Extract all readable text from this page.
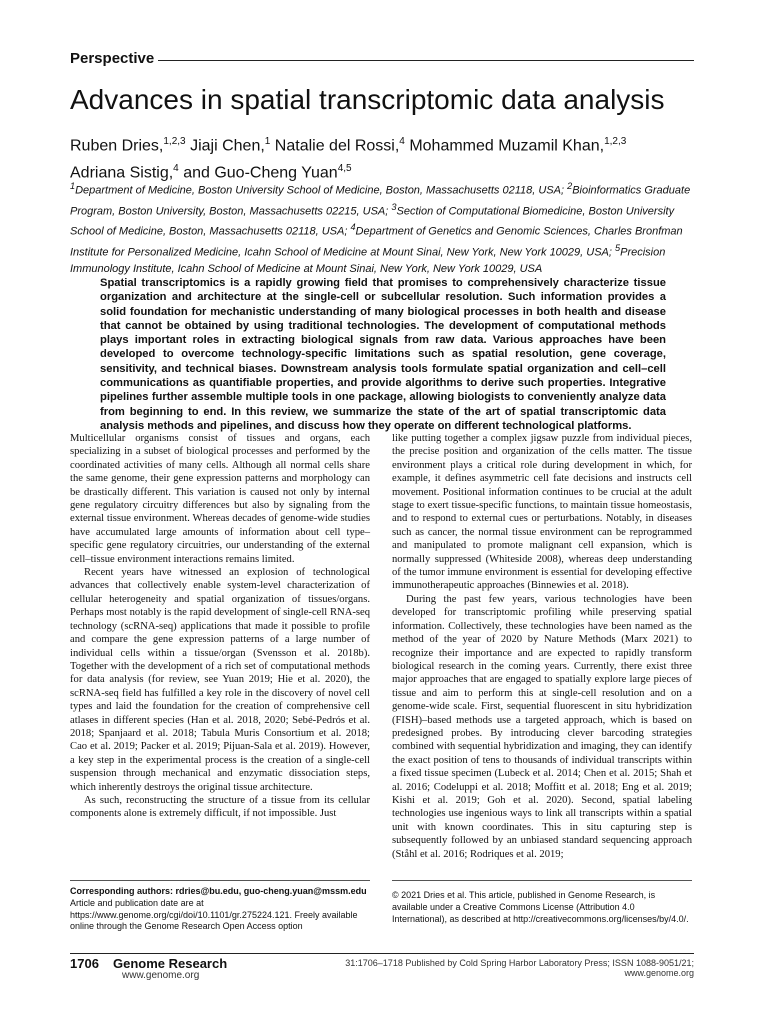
Perspective
Advances in spatial transcriptomic data analysis
Ruben Dries,$^{1,2,3}$ Jiaji Chen,$^1$ Natalie del Rossi,$^4$ Mohammed Muzamil Khan,$^{1,2,3}$
Adriana Sistig,$^4$ and Guo-Cheng Yuan$^{4,5}$
$^1$Department of Medicine, Boston University School of Medicine, Boston, Massachusetts 02118, USA; $^2$Bioinformatics Graduate Program, Boston University, Boston, Massachusetts 02215, USA; $^3$Section of Computational Biomedicine, Boston University School of Medicine, Boston, Massachusetts 02118, USA; $^4$Department of Genetics and Genomic Sciences, Charles Bronfman Institute for Personalized Medicine, Icahn School of Medicine at Mount Sinai, New York, New York 10029, USA; $^5$Precision Immunology Institute, Icahn School of Medicine at Mount Sinai, New York, New York 10029, USA
Spatial transcriptomics is a rapidly growing field that promises to comprehensively characterize tissue organization and architecture at the single-cell or subcellular resolution. Such information provides a solid foundation for mechanistic understanding of many biological processes in both health and disease that cannot be obtained by using traditional technologies. The development of computational methods plays important roles in extracting biological signals from raw data. Various approaches have been developed to overcome technology-specific limitations such as spatial resolution, gene coverage, sensitivity, and technical biases. Downstream analysis tools formulate spatial organization and cell–cell communications as quantifiable properties, and provide algorithms to derive such properties. Integrative pipelines further assemble multiple tools in one package, allowing biologists to conveniently analyze data from beginning to end. In this review, we summarize the state of the art of spatial transcriptomic data analysis methods and pipelines, and discuss how they operate on different technological platforms.

Multicellular organisms consist of tissues and organs, each specializing in a subset of biological processes and performed by the coordinated activities of many cells. Although all normal cells share the same genome, their gene expression patterns and morphology can be drastically different. This variation is caused not only by internal gene regulatory circuitry differences but also by signaling from the external tissue environment. Whereas decades of genome-wide studies have accumulated large amounts of information about cell type–specific gene regulatory circuitries, our understanding of the external cell–tissue environment interactions remains limited.

Recent years have witnessed an explosion of technological advances that collectively enable system-level characterization of cellular heterogeneity and spatial organization of tissues/organs. Perhaps most notably is the rapid development of single-cell RNA-seq technology (scRNA-seq) applications that made it possible to profile and compare the gene expression patterns of a large number of individual cells within a tissue/organ (Svensson et al. 2018b). Together with the development of a rich set of computational methods for data analysis (for review, see Yuan 2019; Hie et al. 2020), the scRNA-seq field has fulfilled a key role in the discovery of novel cell types and laid the foundation for the creation of comprehensive cell atlases in different species (Han et al. 2018, 2020; Sebé-Pedrós et al. 2018; Spanjaard et al. 2018; Tabula Muris Consortium et al. 2018; Cao et al. 2019; Packer et al. 2019; Pijuan-Sala et al. 2019). However, a key step in the experimental process is the creation of a single-cell suspension through mechanical and enzymatic dissociation steps, which inherently destroys the original tissue architecture.

As such, reconstructing the structure of a tissue from its cellular components alone is extremely difficult, if not impossible. Just

like putting together a complex jigsaw puzzle from individual pieces, the precise position and organization of the cells matter. The tissue environment plays a critical role during development in which, for example, it defines asymmetric cell fate decisions and instructs cell movement. Positional information continues to be crucial at the adult stage to exert tissue-specific functions, to maintain tissue homeostasis, and to respond to external cues or perturbations. Notably, in diseases such as cancer, the normal tissue environment can be reprogrammed and manipulated to promote malignant cell expansion, which is normally suppressed (Whiteside 2008), whereas deep understanding of the tumor immune environment is essential for developing effective immunotherapeutic approaches (Binnewies et al. 2018).

During the past few years, various technologies have been developed for transcriptomic profiling while preserving spatial information. Collectively, these technologies have been named as the method of the year of 2020 by Nature Methods (Marx 2021) to recognize their importance and are expected to rapidly transform biological research in the coming years. Currently, there exist three major approaches that are engaged to spatially explore large pieces of tissue and aim to perform this at single-cell resolution and on a genome-wide scale. First, sequential fluorescent in situ hybridization (FISH)–based methods use a targeted approach, which is based on predesigned probes. By introducing clever barcoding strategies combined with sequential hybridization and imaging, they can identify the exact position of tens to thousands of individual transcripts within a fixed tissue specimen (Lubeck et al. 2014; Chen et al. 2015; Shah et al. 2016; Codeluppi et al. 2018; Moffitt et al. 2018; Eng et al. 2019; Kishi et al. 2019; Goh et al. 2020). Second, spatial labeling technologies use ingenious ways to link all transcripts within a spatial unit with known coordinates. This in situ capturing step is subsequently followed by an unbiased standard sequencing approach (Ståhl et al. 2016; Rodriques et al. 2019;

Corresponding authors: rdries@bu.edu, guo-cheng.yuan@mssm.edu
Article and publication date are at https://www.genome.org/cgi/doi/10.1101/gr.275224.121. Freely available online through the Genome Research Open Access option
© 2021 Dries et al. This article, published in Genome Research, is available under a Creative Commons License (Attribution 4.0 International), as described at http://creativecommons.org/licenses/by/4.0/.
1706 Genome Research
www.genome.org
31:1706–1718 Published by Cold Spring Harbor Laboratory Press; ISSN 1088-9051/21; www.genome.org
